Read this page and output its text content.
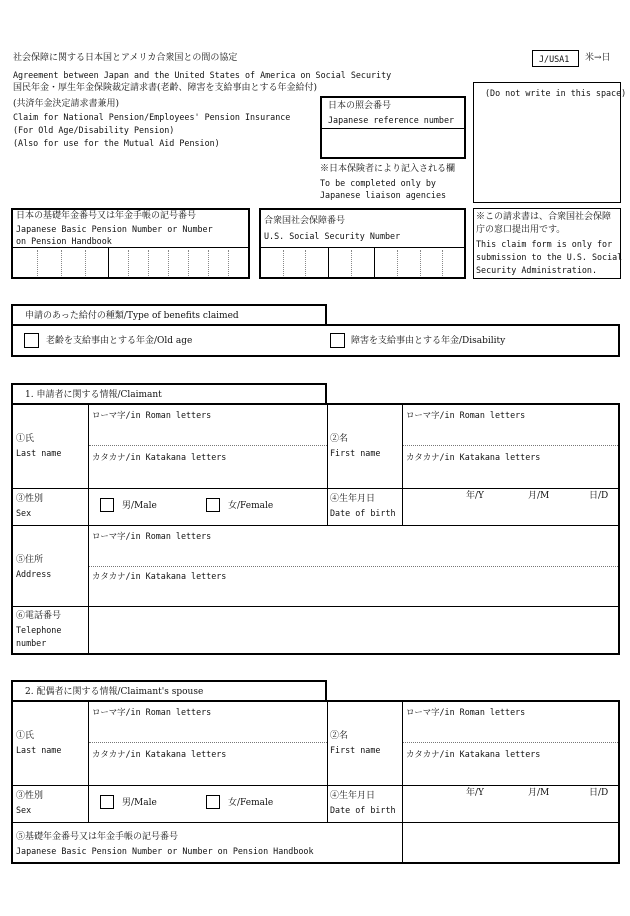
社会保障に関する日本国とアメリカ合衆国との間の協定
Agreement between Japan and the United States of America on Social Security
国民年金・厚生年金保険裁定請求書(老齢、障害を支給事由とする年金給付)
(共済年金決定請求書兼用)
Claim for National Pension/Employees' Pension Insurance
(For Old Age/Disability Pension)
(Also for use for the Mutual Aid Pension)
J/USA1 米→日
(Do not write in this space)
日本の照会番号
Japanese reference number
※日本保険者により記入される欄
To be completed only by
Japanese liaison agencies
日本の基礎年金番号又は年金手帳の記号番号
Japanese Basic Pension Number or Number
on Pension Handbook
合衆国社会保障番号
U.S. Social Security Number
※この請求書は、合衆国社会保障
庁の窓口提出用です。
This claim form is only for
submission to the U.S. Social
Security Administration.
申請のあった給付の種類/Type of benefits claimed
老齢を支給事由とする年金/Old age	障害を支給事由とする年金/Disability
1. 申請者に関する情報/Claimant
①氏
Last name
ローマ字/in Roman letters
カタカナ/in Katakana letters
②名
First name
ローマ字/in Roman letters
カタカナ/in Katakana letters
③性別
Sex
男/Male	女/Female
④生年月日
Date of birth
年/Y	月/M	日/D
⑤住所
Address
ローマ字/in Roman letters
カタカナ/in Katakana letters
⑥電話番号
Telephone
number
2. 配偶者に関する情報/Claimant's spouse
①氏
Last name
ローマ字/in Roman letters
カタカナ/in Katakana letters
②名
First name
ローマ字/in Roman letters
カタカナ/in Katakana letters
③性別
Sex
男/Male	女/Female
④生年月日
Date of birth
年/Y	月/M	日/D
⑤基礎年金番号又は年金手帳の記号番号
Japanese Basic Pension Number or Number on Pension Handbook
